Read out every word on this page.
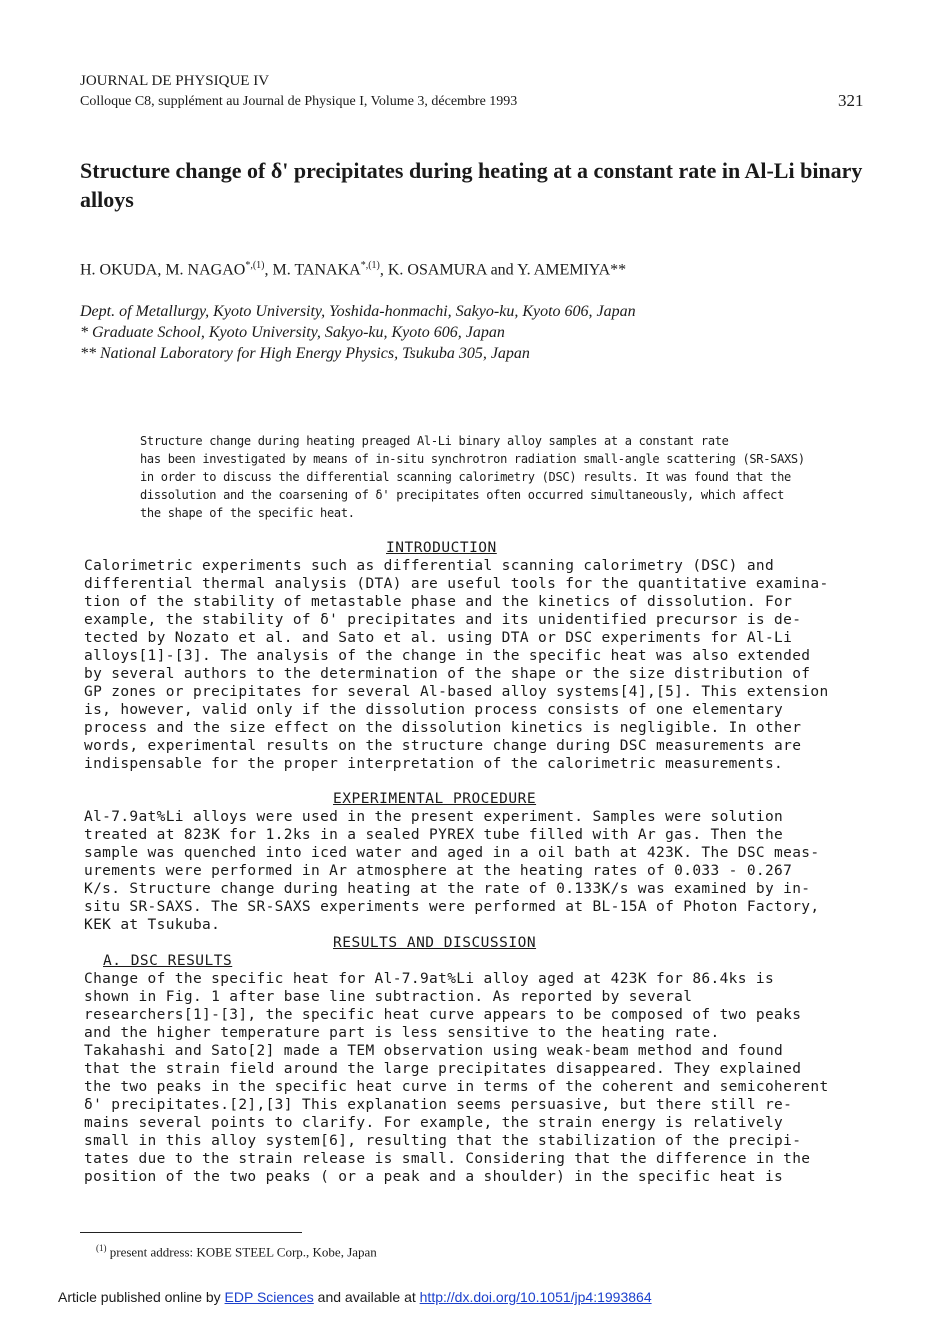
JOURNAL DE PHYSIQUE IV
Colloque C8, supplément au Journal de Physique I, Volume 3, décembre 1993	321
Structure change of δ' precipitates during heating at a constant rate in Al-Li binary alloys
H. OKUDA, M. $NAGAO^{*,(1)}$, M. $TANAKA^{*,(1)}$, K. OSAMURA and Y. AMEMIYA**
Dept. of Metallurgy, Kyoto University, Yoshida-honmachi, Sakyo-ku, Kyoto 606, Japan
* Graduate School, Kyoto University, Sakyo-ku, Kyoto 606, Japan
** National Laboratory for High Energy Physics, Tsukuba 305, Japan
Structure change during heating preaged Al-Li binary alloy samples at a constant rate
has been investigated by means of in-situ synchrotron radiation small-angle scattering (SR-SAXS)
in order to discuss the differential scanning calorimetry (DSC) results. It was found that the
dissolution and the coarsening of δ' precipitates often occurred simultaneously, which affect
the shape of the specific heat.
INTRODUCTION
Calorimetric experiments such as differential scanning calorimetry (DSC) and
differential thermal analysis (DTA) are useful tools for the quantitative examina-
tion of the stability of metastable phase and the kinetics of dissolution. For
example, the stability of δ' precipitates and its unidentified precursor is de-
tected by Nozato et al. and Sato et al. using DTA or DSC experiments for Al-Li
alloys[1]-[3]. The analysis of the change in the specific heat was also extended
by several authors to the determination of the shape or the size distribution of
GP zones or precipitates for several Al-based alloy systems[4],[5]. This extension
is, however, valid only if the dissolution process consists of one elementary
process and the size effect on the dissolution kinetics is negligible. In other
words, experimental results on the structure change during DSC measurements are
indispensable for the proper interpretation of the calorimetric measurements.
EXPERIMENTAL PROCEDURE
Al-7.9at%Li alloys were used in the present experiment. Samples were solution
treated at 823K for 1.2ks in a sealed PYREX tube filled with Ar gas. Then the
sample was quenched into iced water and aged in a oil bath at 423K. The DSC meas-
urements were performed in Ar atmosphere at the heating rates of 0.033 - 0.267
K/s. Structure change during heating at the rate of 0.133K/s was examined by in-
situ SR-SAXS. The SR-SAXS experiments were performed at BL-15A of Photon Factory,
KEK at Tsukuba.
RESULTS AND DISCUSSION
A. DSC RESULTS
Change of the specific heat for Al-7.9at%Li alloy aged at 423K for 86.4ks is
shown in Fig. 1 after base line subtraction. As reported by several
researchers[1]-[3], the specific heat curve appears to be composed of two peaks
and the higher temperature part is less sensitive to the heating rate.
Takahashi and Sato[2] made a TEM observation using weak-beam method and found
that the strain field around the large precipitates disappeared. They explained
the two peaks in the specific heat curve in terms of the coherent and semicoherent
δ' precipitates.[2],[3] This explanation seems persuasive, but there still re-
mains several points to clarify. For example, the strain energy is relatively
small in this alloy system[6], resulting that the stabilization of the precipi-
tates due to the strain release is small. Considering that the difference in the
position of the two peaks ( or a peak and a shoulder) in the specific heat is
$^{(1)}$ present address: KOBE STEEL Corp., Kobe, Japan
Article published online by EDP Sciences and available at http://dx.doi.org/10.1051/jp4:1993864
